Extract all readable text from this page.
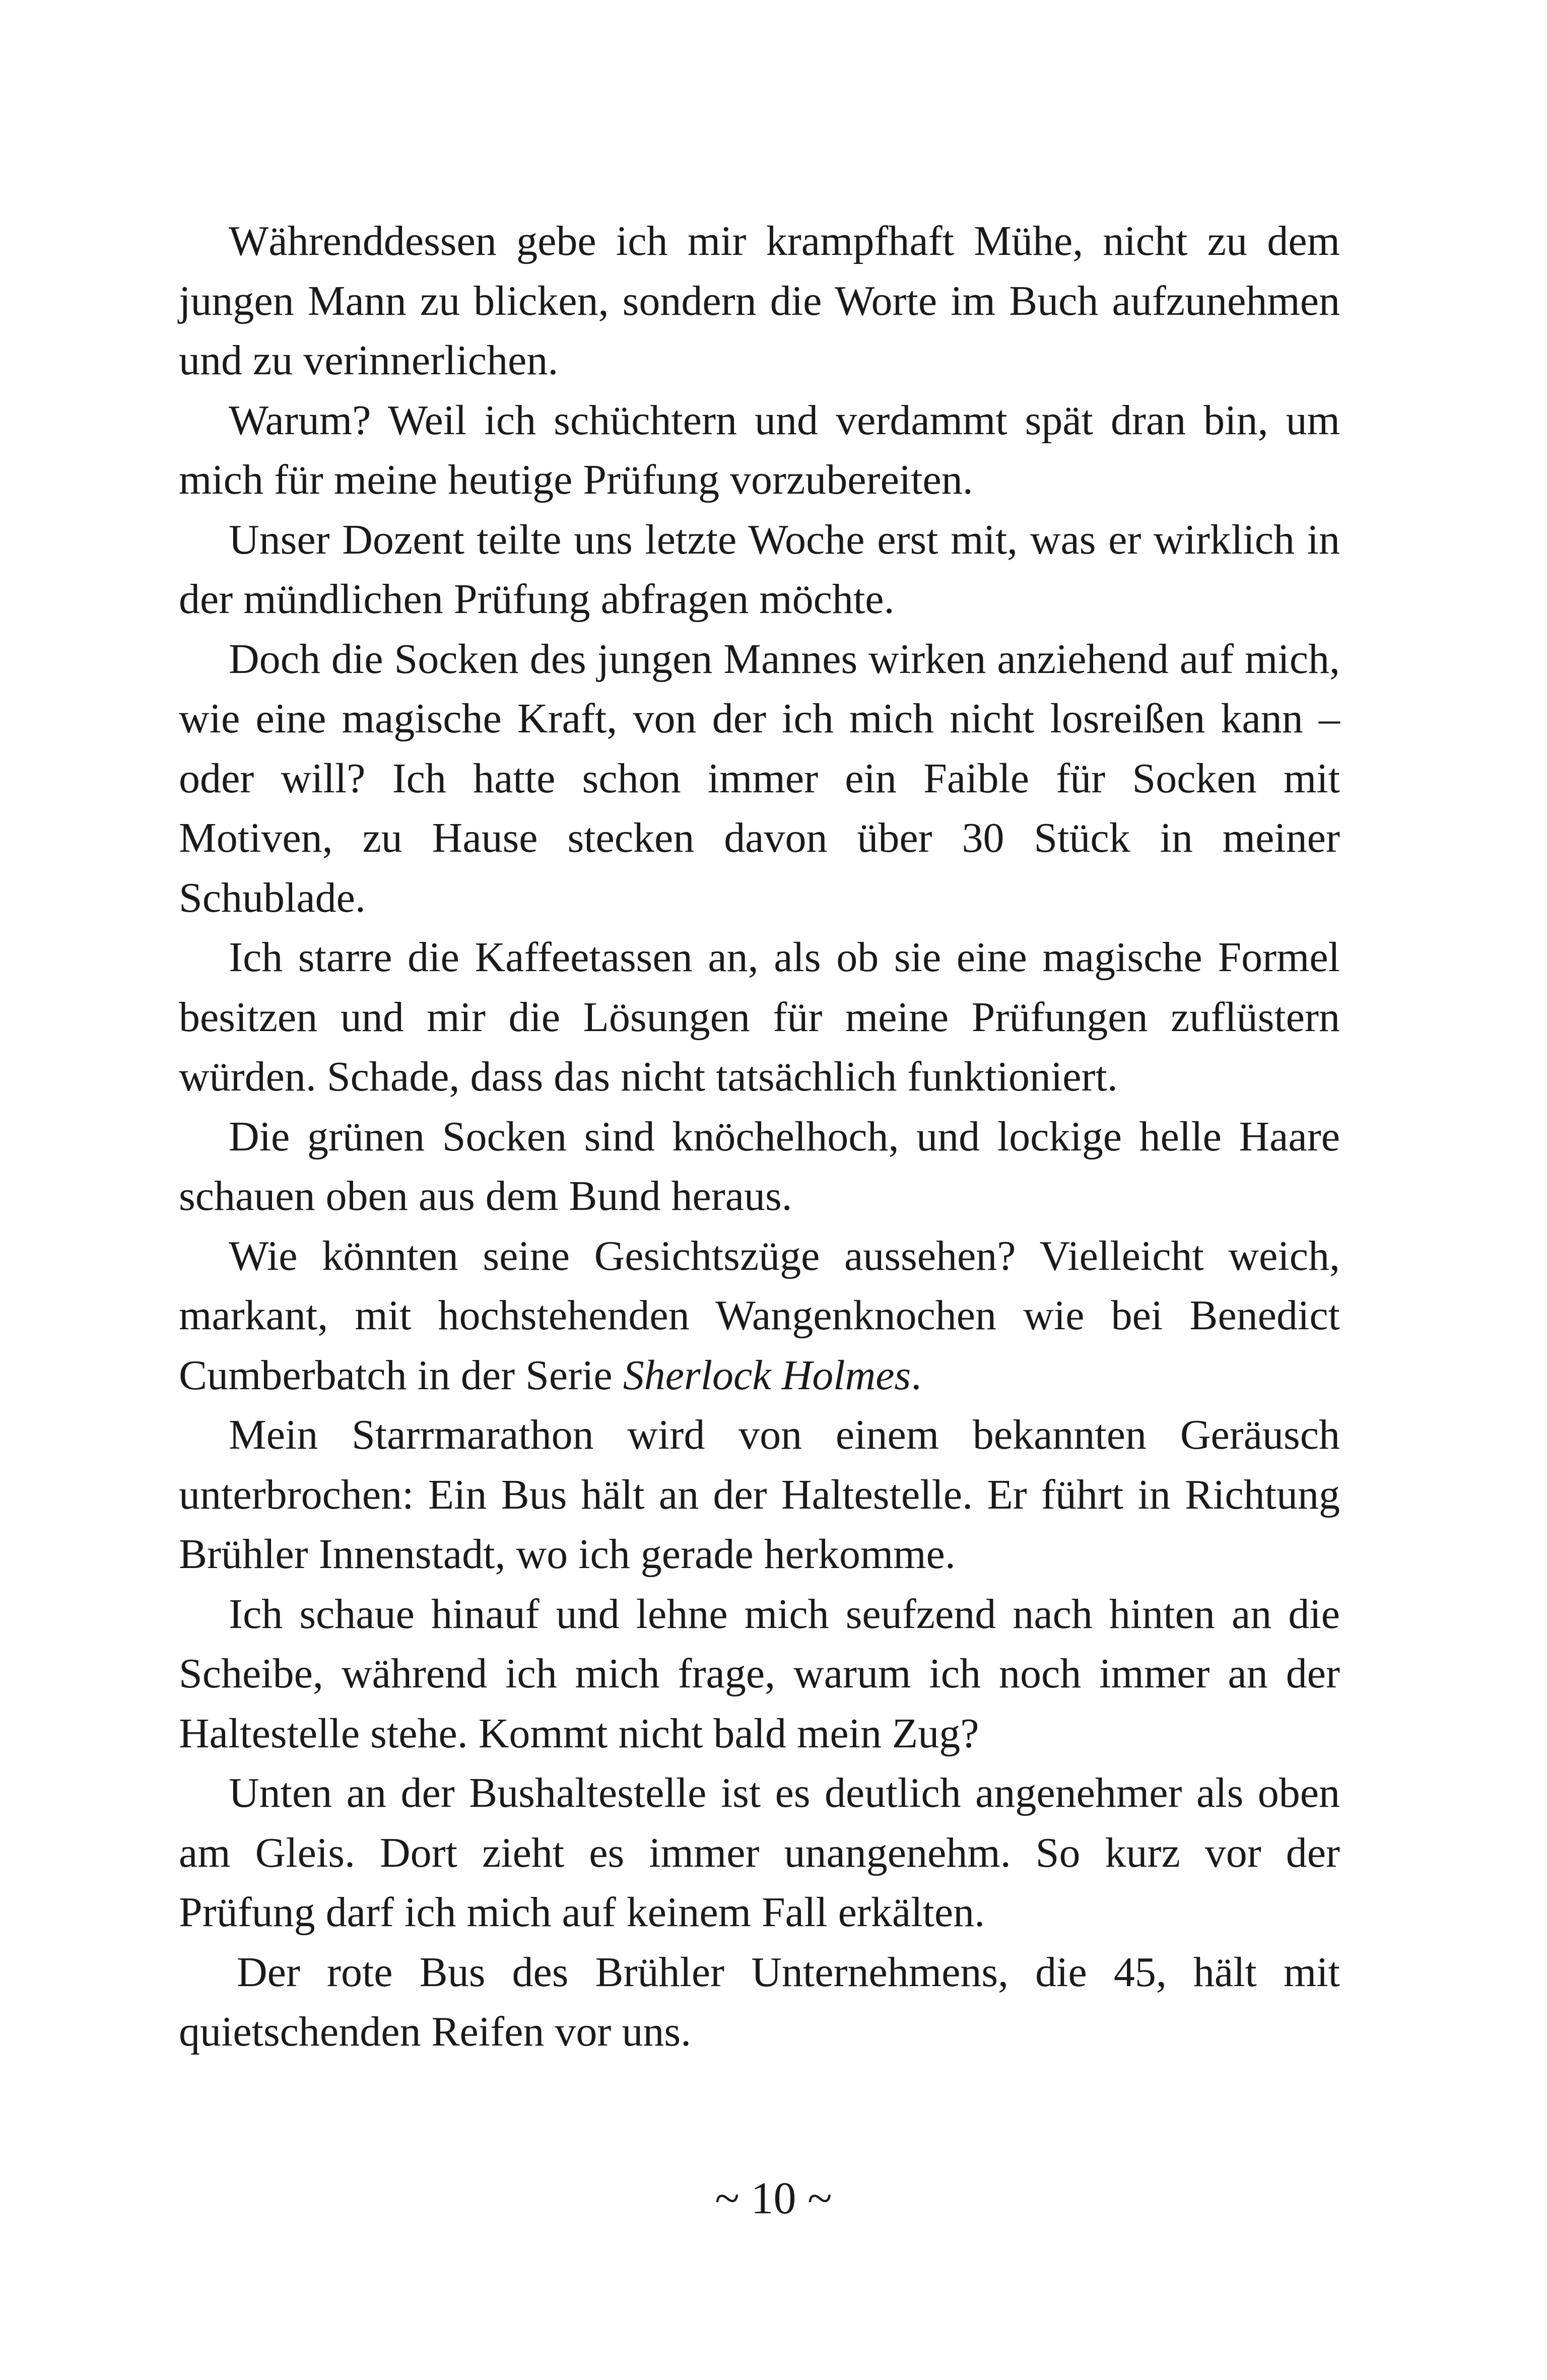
Währenddessen gebe ich mir krampfhaft Mühe, nicht zu dem jungen Mann zu blicken, sondern die Worte im Buch aufzunehmen und zu verinnerlichen.

Warum? Weil ich schüchtern und verdammt spät dran bin, um mich für meine heutige Prüfung vorzubereiten.

Unser Dozent teilte uns letzte Woche erst mit, was er wirklich in der mündlichen Prüfung abfragen möchte.

Doch die Socken des jungen Mannes wirken anziehend auf mich, wie eine magische Kraft, von der ich mich nicht losreißen kann – oder will? Ich hatte schon immer ein Faible für Socken mit Motiven, zu Hause stecken davon über 30 Stück in meiner Schublade.

Ich starre die Kaffeetassen an, als ob sie eine magische Formel besitzen und mir die Lösungen für meine Prüfungen zuflüstern würden. Schade, dass das nicht tatsächlich funktioniert.

Die grünen Socken sind knöchelhoch, und lockige helle Haare schauen oben aus dem Bund heraus.

Wie könnten seine Gesichtszüge aussehen? Vielleicht weich, markant, mit hochstehenden Wangenknochen wie bei Benedict Cumberbatch in der Serie Sherlock Holmes.

Mein Starrmarathon wird von einem bekannten Geräusch unterbrochen: Ein Bus hält an der Haltestelle. Er führt in Richtung Brühler Innenstadt, wo ich gerade herkomme.

Ich schaue hinauf und lehne mich seufzend nach hinten an die Scheibe, während ich mich frage, warum ich noch immer an der Haltestelle stehe. Kommt nicht bald mein Zug?

Unten an der Bushaltestelle ist es deutlich angenehmer als oben am Gleis. Dort zieht es immer unangenehm. So kurz vor der Prüfung darf ich mich auf keinem Fall erkälten.

Der rote Bus des Brühler Unternehmens, die 45, hält mit quietschenden Reifen vor uns.

~ 10 ~
